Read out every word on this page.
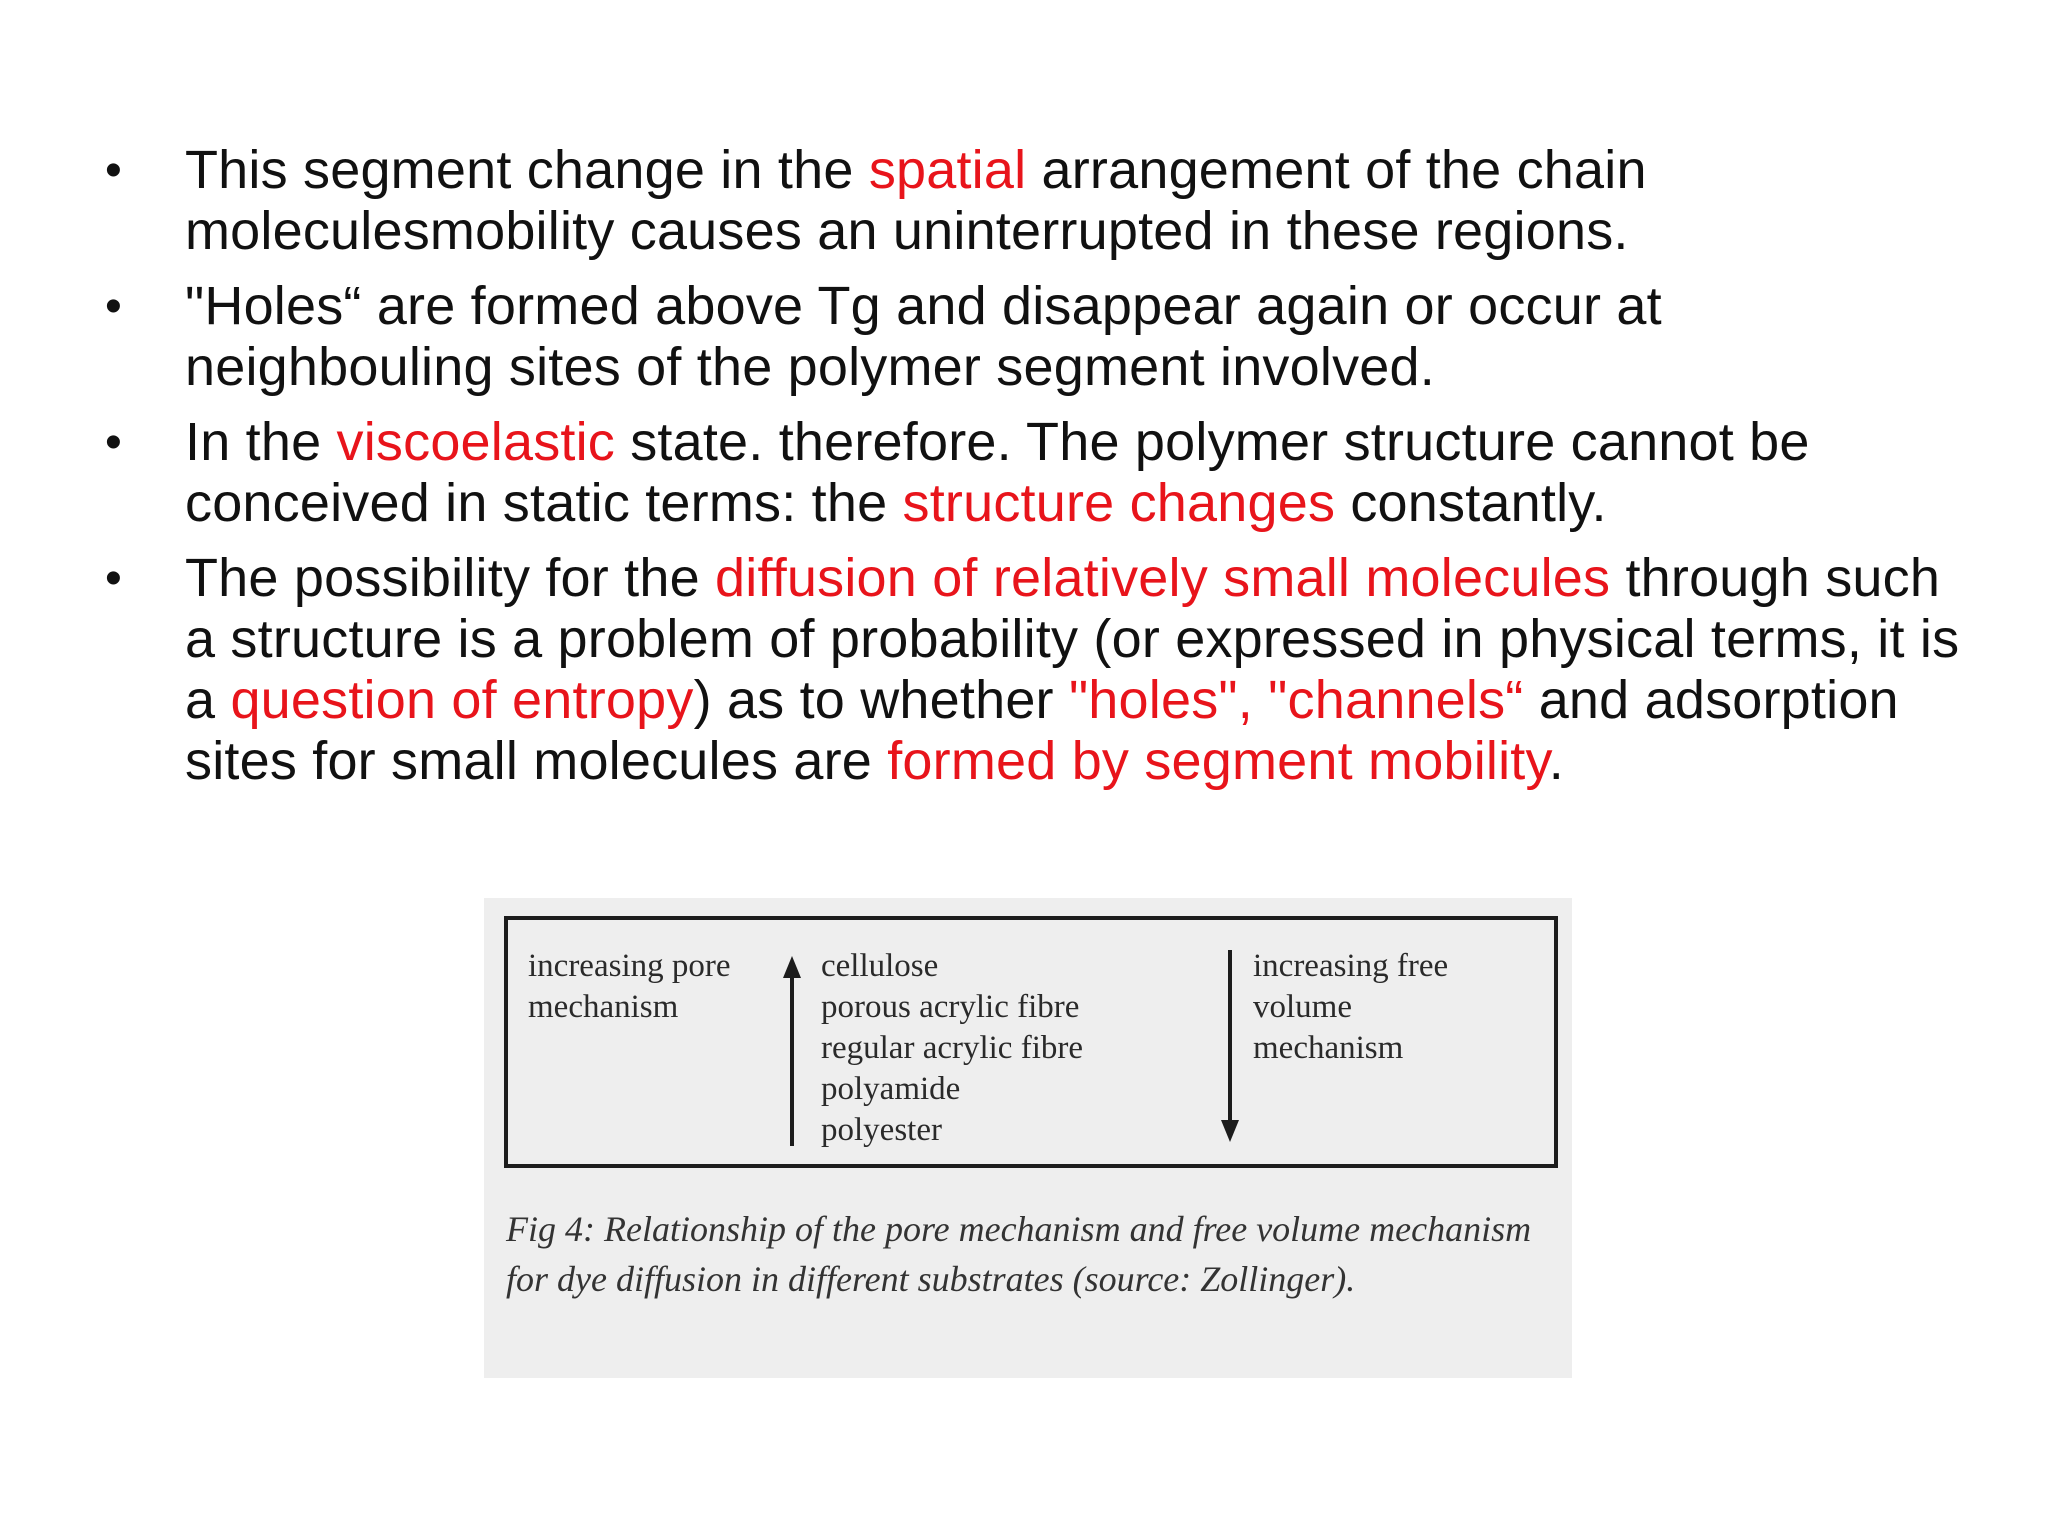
• This segment change in the spatial arrangement of the chain moleculesmobility causes an uninterrupted in these regions.
• "Holes“ are formed above Tg and disappear again or occur at neighbouling sites of the polymer segment involved.
• In the viscoelastic state. therefore. The polymer structure cannot be conceived in static terms: the structure changes constantly.
• The possibility for the diffusion of relatively small molecules through such a structure is a problem of probability (or expressed in physical terms, it is a question of entropy) as to whether "holes", "channels“ and adsorption sites for small molecules are formed by segment mobility.
increasing pore
mechanism
cellulose
porous acrylic fibre
regular acrylic fibre
polyamide
polyester
increasing free
volume
mechanism
Fig 4: Relationship of the pore mechanism and free volume mechanism for dye diffusion in different substrates (source: Zollinger).
